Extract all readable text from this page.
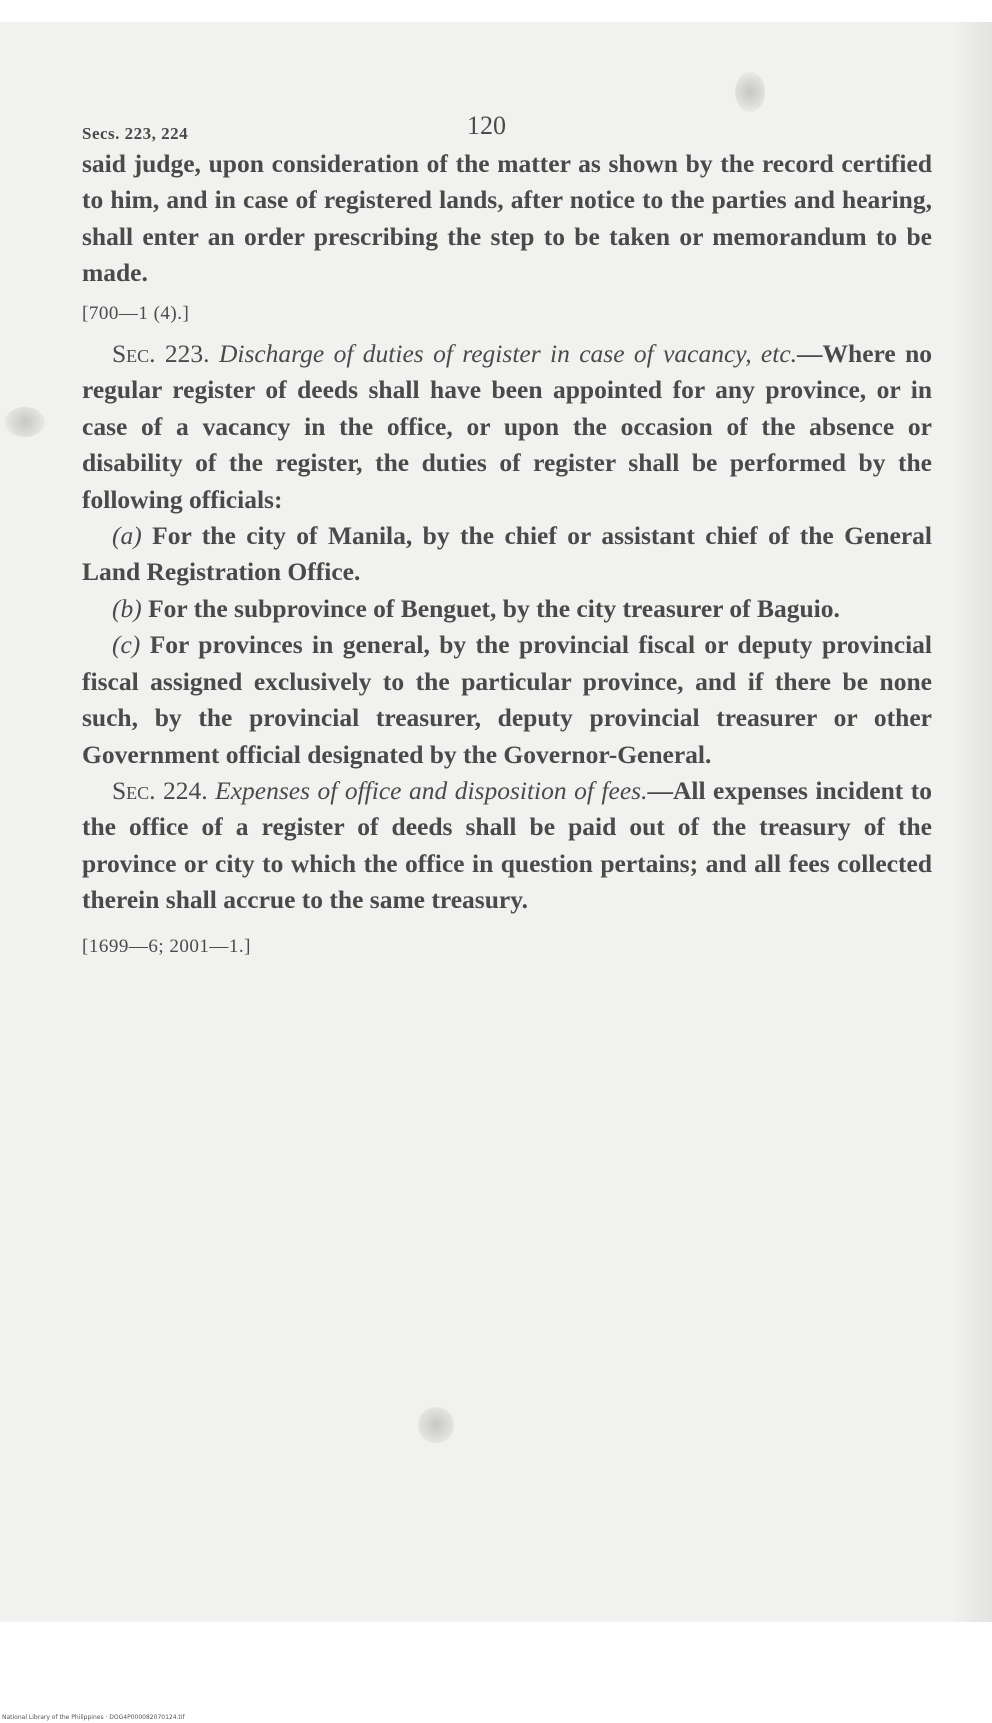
Secs. 223, 224	120

said judge, upon consideration of the matter as shown by the record certified to him, and in case of registered lands, after notice to the parties and hearing, shall enter an order prescribing the step to be taken or memorandum to be made.

[700—1 (4).]

Sec. 223. Discharge of duties of register in case of vacancy, etc.—Where no regular register of deeds shall have been appointed for any province, or in case of a vacancy in the office, or upon the occasion of the absence or disability of the register, the duties of register shall be performed by the following officials:

(a) For the city of Manila, by the chief or assistant chief of the General Land Registration Office.

(b) For the subprovince of Benguet, by the city treasurer of Baguio.

(c) For provinces in general, by the provincial fiscal or deputy provincial fiscal assigned exclusively to the particular province, and if there be none such, by the provincial treasurer, deputy provincial treasurer or other Government official designated by the Governor-General.

Sec. 224. Expenses of office and disposition of fees.—All expenses incident to the office of a register of deeds shall be paid out of the treasury of the province or city to which the office in question pertains; and all fees collected therein shall accrue to the same treasury.

[1699—6; 2001—1.]

National Library of the Philippines · DOG4P000082070124.tif
